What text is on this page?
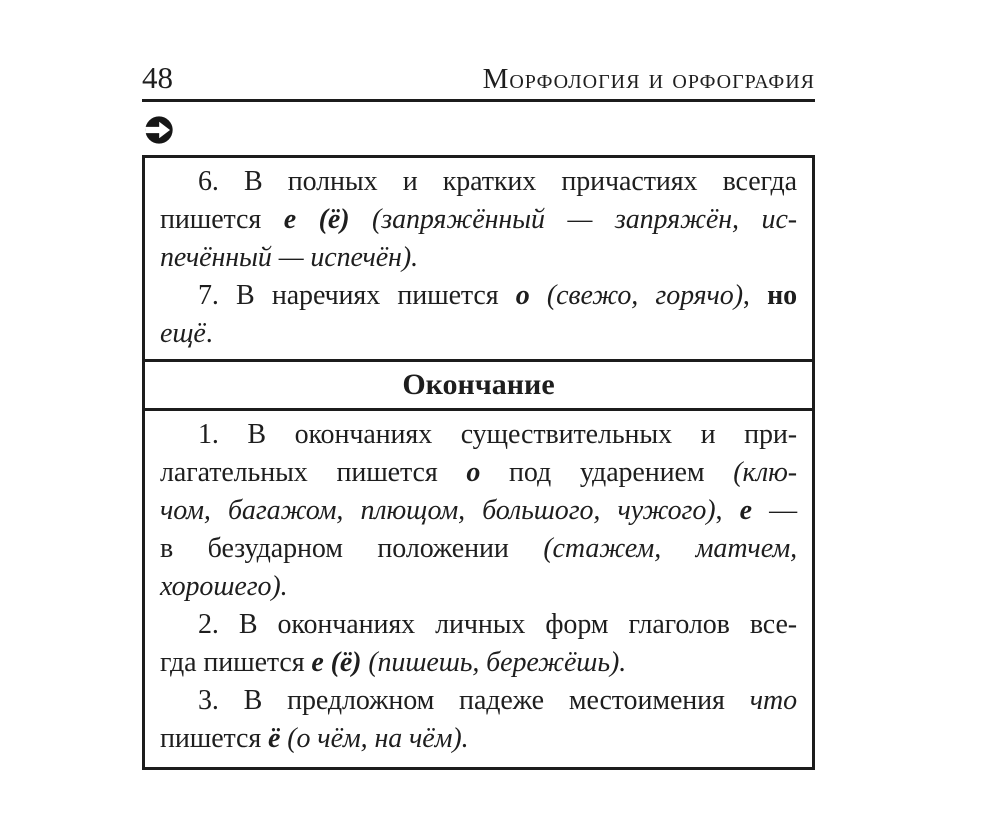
48	Морфология и орфография
6. В полных и кратких причастиях всегда
пишется е (ё) (запряжённый — запряжён, ис-
печённый — испечён).
7. В наречиях пишется о (свежо, горячо), но
ещё.
Окончание
1. В окончаниях существительных и при-
лагательных пишется о под ударением (клю-
чом, багажом, плющом, большого, чужого), е —
в безударном положении (стажем, матчем,
хорошего).
2. В окончаниях личных форм глаголов все-
гда пишется е (ё) (пишешь, бережёшь).
3. В предложном падеже местоимения что
пишется ё (о чём, на чём).
